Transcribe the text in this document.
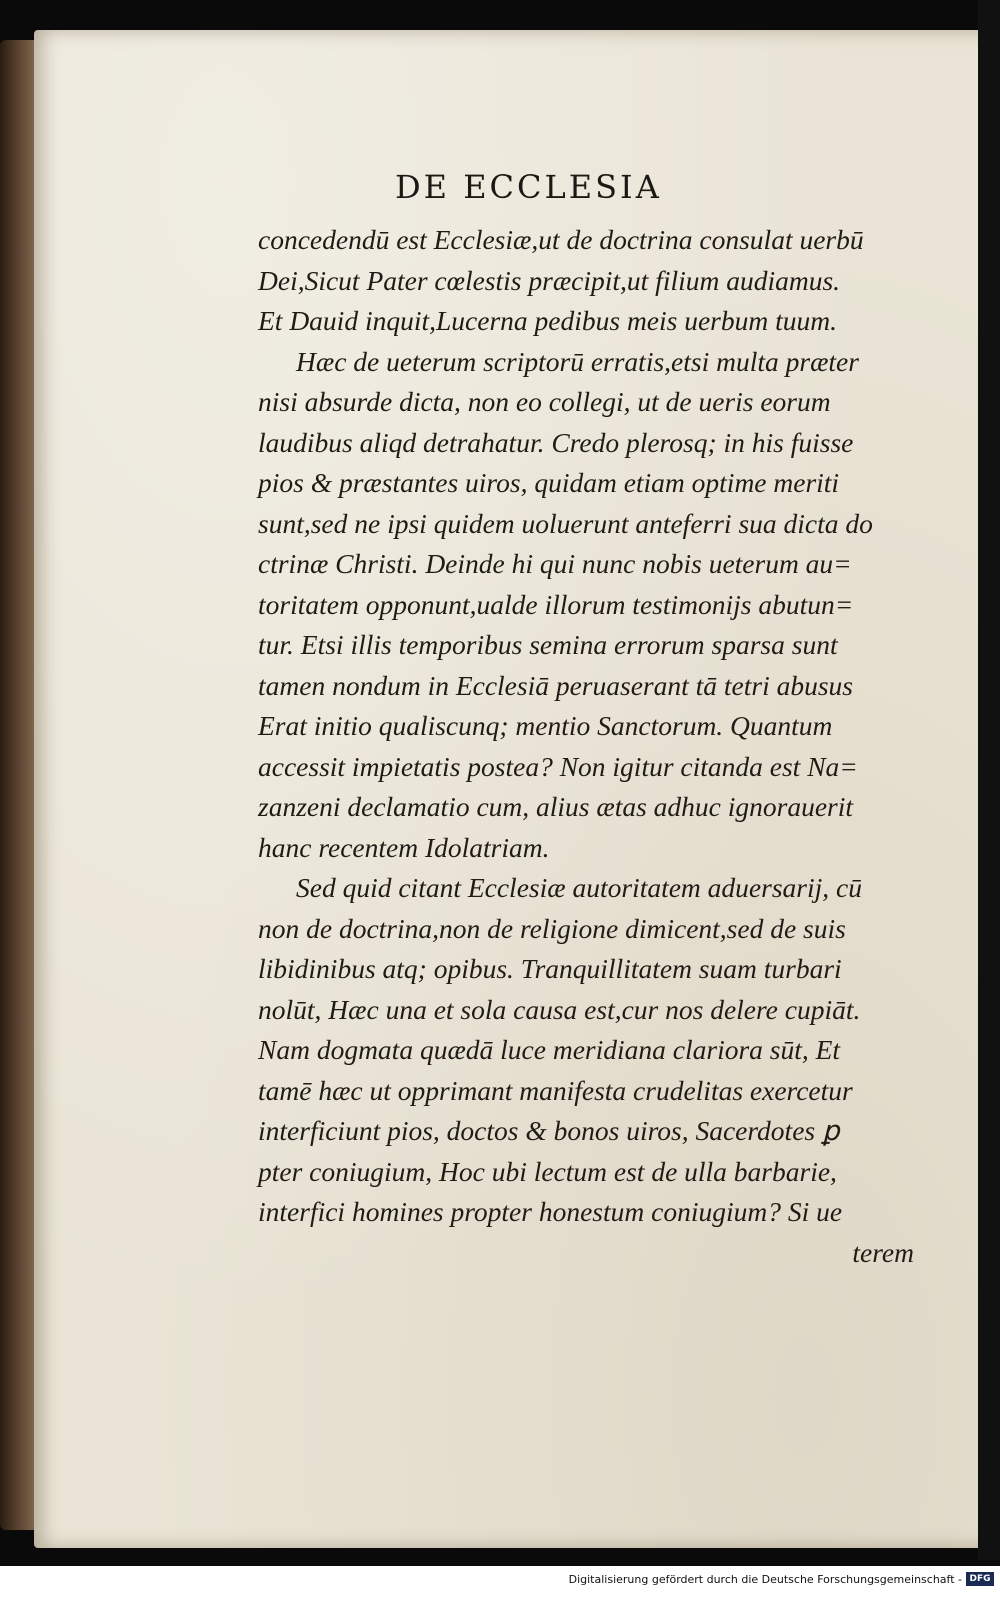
DE ECCLESIA
concedendū est Ecclesiæ,ut de doctrina consulat uerbū
Dei,Sicut Pater cœlestis præcipit,ut filium audiamus.
Et Dauid inquit,Lucerna pedibus meis uerbum tuum.
Hæc de ueterum scriptorū erratis,etsi multa præter
nisi absurde dicta, non eo collegi, ut de ueris eorum
laudibus aliqd detrahatur. Credo plerosq; in his fuisse
pios & præstantes uiros, quidam etiam optime meriti
sunt,sed ne ipsi quidem uoluerunt anteferri sua dicta do
ctrinæ Christi. Deinde hi qui nunc nobis ueterum au=
toritatem opponunt,ualde illorum testimonijs abutun=
tur. Etsi illis temporibus semina errorum sparsa sunt
tamen nondum in Ecclesiā peruaserant tā tetri abusus
Erat initio qualiscunq; mentio Sanctorum. Quantum
accessit impietatis postea? Non igitur citanda est Na=
zanzeni declamatio cum, alius ætas adhuc ignorauerit
hanc recentem Idolatriam.
Sed quid citant Ecclesiæ autoritatem aduersarij, cū
non de doctrina,non de religione dimicent,sed de suis
libidinibus atq; opibus. Tranquillitatem suam turbari
nolūt, Hæc una et sola causa est,cur nos delere cupiāt.
Nam dogmata quædā luce meridiana clariora sūt, Et
tamē hæc ut opprimant manifesta crudelitas exercetur
interficiunt pios, doctos & bonos uiros, Sacerdotes ꝑ
pter coniugium, Hoc ubi lectum est de ulla barbarie,
interfici homines propter honestum coniugium? Si ue
terem
Digitalisierung gefördert durch die Deutsche Forschungsgemeinschaft - DFG
